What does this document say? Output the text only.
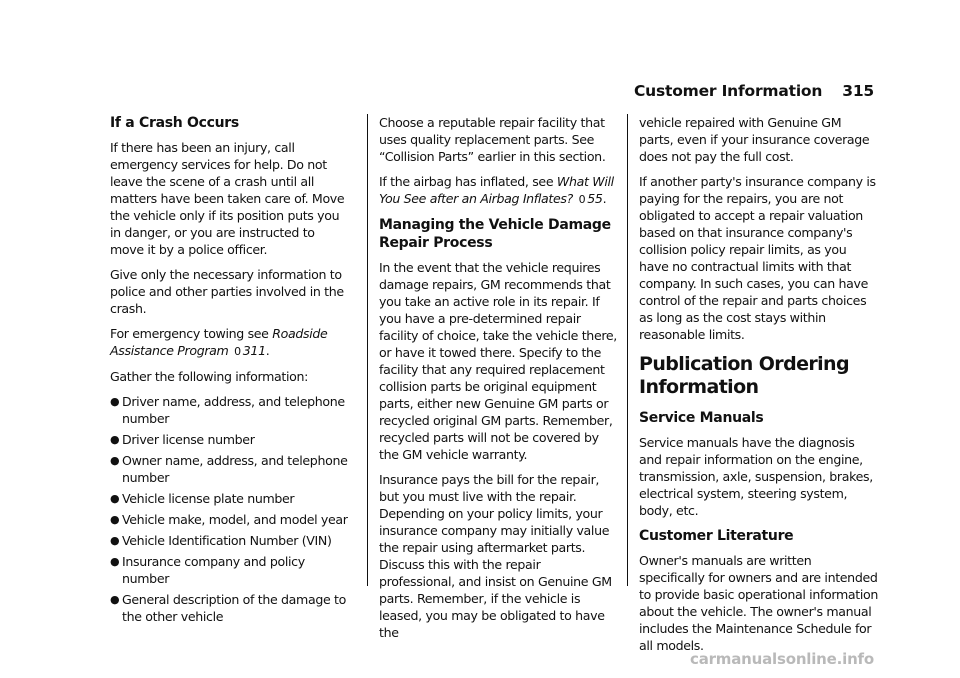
Customer Information 315
If a Crash Occurs

If there has been an injury, call emergency services for help. Do not leave the scene of a crash until all matters have been taken care of. Move the vehicle only if its position puts you in danger, or you are instructed to move it by a police officer.

Give only the necessary information to police and other parties involved in the crash.

For emergency towing see Roadside Assistance Program 0 311.

Gather the following information:

● Driver name, address, and telephone number
● Driver license number
● Owner name, address, and telephone number
● Vehicle license plate number
● Vehicle make, model, and model year
● Vehicle Identification Number (VIN)
● Insurance company and policy number
● General description of the damage to the other vehicle

Choose a reputable repair facility that uses quality replacement parts. See “Collision Parts” earlier in this section.

If the airbag has inflated, see What Will You See after an Airbag Inflates? 0 55.

Managing the Vehicle Damage Repair Process

In the event that the vehicle requires damage repairs, GM recommends that you take an active role in its repair. If you have a pre-determined repair facility of choice, take the vehicle there, or have it towed there. Specify to the facility that any required replacement collision parts be original equipment parts, either new Genuine GM parts or recycled original GM parts. Remember, recycled parts will not be covered by the GM vehicle warranty.

Insurance pays the bill for the repair, but you must live with the repair. Depending on your policy limits, your insurance company may initially value the repair using aftermarket parts. Discuss this with the repair professional, and insist on Genuine GM parts. Remember, if the vehicle is leased, you may be obligated to have the

vehicle repaired with Genuine GM parts, even if your insurance coverage does not pay the full cost.

If another party's insurance company is paying for the repairs, you are not obligated to accept a repair valuation based on that insurance company's collision policy repair limits, as you have no contractual limits with that company. In such cases, you can have control of the repair and parts choices as long as the cost stays within reasonable limits.

Publication Ordering Information
Service Manuals

Service manuals have the diagnosis and repair information on the engine, transmission, axle, suspension, brakes, electrical system, steering system, body, etc.

Customer Literature

Owner's manuals are written specifically for owners and are intended to provide basic operational information about the vehicle. The owner's manual includes the Maintenance Schedule for all models.

carmanualsonline.info
